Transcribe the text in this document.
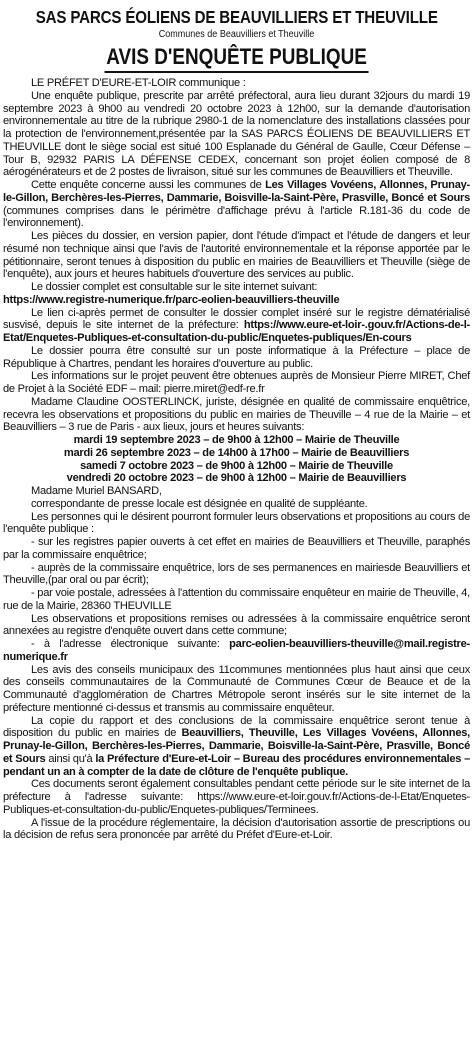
SAS PARCS ÉOLIENS DE BEAUVILLIERS ET THEUVILLE
Communes de Beauvilliers et Theuville
AVIS D'ENQUÊTE PUBLIQUE

LE PRÉFET D'EURE-ET-LOIR communique :

Une enquête publique, prescrite par arrêté préfectoral, aura lieu durant 32jours du mardi 19 septembre 2023 à 9h00 au vendredi 20 octobre 2023 à 12h00, sur la demande d'autorisation environnementale au titre de la rubrique 2980-1 de la nomenclature des installations classées pour la protection de l'environnement,présentée par la SAS PARCS ÉOLIENS DE BEAUVILLIERS ET THEUVILLE dont le siège social est situé 100 Esplanade du Général de Gaulle, Cœur Défense – Tour B, 92932 PARIS LA DÉFENSE CEDEX, concernant son projet éolien composé de 8 aérogénérateurs et de 2 postes de livraison, situé sur les communes de Beauvilliers et Theuville.

Cette enquête concerne aussi les communes de Les Villages Vovéens, Allonnes, Prunay-le-Gillon, Berchères-les-Pierres, Dammarie, Boisville-la-Saint-Père, Prasville, Boncé et Sours (communes comprises dans le périmètre d'affichage prévu à l'article R.181-36 du code de l'environnement).

Les pièces du dossier, en version papier, dont l'étude d'impact et l'étude de dangers et leur résumé non technique ainsi que l'avis de l'autorité environnementale et la réponse apportée par le pétitionnaire, seront tenues à disposition du public en mairies de Beauvilliers et Theuville (siège de l'enquête), aux jours et heures habituels d'ouverture des services au public.

Le dossier complet est consultable sur le site internet suivant:

https://www.registre-numerique.fr/parc-eolien-beauvilliers-theuville

Le lien ci-après permet de consulter le dossier complet inséré sur le registre dématérialisé susvisé, depuis le site internet de la préfecture: https://www.eure-et-loir-.gouv.fr/Actions-de-l-Etat/Enquetes-Publiques-et-consultation-du-public/Enquetes-publiques/En-cours

Le dossier pourra être consulté sur un poste informatique à la Préfecture – place de République à Chartres, pendant les horaires d'ouverture au public.

Les informations sur le projet peuvent être obtenues auprès de Monsieur Pierre MIRET, Chef de Projet à la Société EDF – mail: pierre.miret@edf-re.fr

Madame Claudine OOSTERLINCK, juriste, désignée en qualité de commissaire enquêtrice, recevra les observations et propositions du public en mairies de Theuville – 4 rue de la Mairie – et Beauvilliers – 3 rue de Paris - aux lieux, jours et heures suivants:

mardi 19 septembre 2023 – de 9h00 à 12h00 – Mairie de Theuville

mardi 26 septembre 2023 – de 14h00 à 17h00 – Mairie de Beauvilliers

samedi 7 octobre 2023 – de 9h00 à 12h00 – Mairie de Theuville

vendredi 20 octobre 2023 – de 9h00 à 12h00 – Mairie de Beauvilliers

Madame Muriel BANSARD,

correspondante de presse locale est désignée en qualité de suppléante.

Les personnes qui le désirent pourront formuler leurs observations et propositions au cours de l'enquête publique :

- sur les registres papier ouverts à cet effet en mairies de Beauvilliers et Theuville, paraphés par la commissaire enquêtrice;

- auprès de la commissaire enquêtrice, lors de ses permanences en mairiesde Beauvilliers et Theuville,(par oral ou par écrit);

- par voie postale, adressées à l'attention du commissaire enquêteur en mairie de Theuville, 4, rue de la Mairie, 28360 THEUVILLE

Les observations et propositions remises ou adressées à la commissaire enquêtrice seront annexées au registre d'enquête ouvert dans cette commune;

- à l'adresse électronique suivante: parc-eolien-beauvilliers-theuville@mail.registre-numerique.fr

Les avis des conseils municipaux des 11communes mentionnées plus haut ainsi que ceux des conseils communautaires de la Communauté de Communes Cœur de Beauce et de la Communauté d'agglomération de Chartres Métropole seront insérés sur le site internet de la préfecture mentionné ci-dessus et transmis au commissaire enquêteur.

La copie du rapport et des conclusions de la commissaire enquêtrice seront tenue à disposition du public en mairies de Beauvilliers, Theuville, Les Villages Vovéens, Allonnes, Prunay-le-Gillon, Berchères-les-Pierres, Dammarie, Boisville-la-Saint-Père, Prasville, Boncé et Sours ainsi qu'à la Préfecture d'Eure-et-Loir – Bureau des procédures environnementales – pendant un an à compter de la date de clôture de l'enquête publique.

Ces documents seront également consultables pendant cette période sur le site internet de la préfecture à l'adresse suivante: https://www.eure-et-loir.gouv.fr/Actions-de-l-Etat/Enquetes-Publiques-et-consultation-du-public/Enquetes-publiques/Terminees.

A l'issue de la procédure réglementaire, la décision d'autorisation assortie de prescriptions ou la décision de refus sera prononcée par arrêté du Préfet d'Eure-et-Loir.
